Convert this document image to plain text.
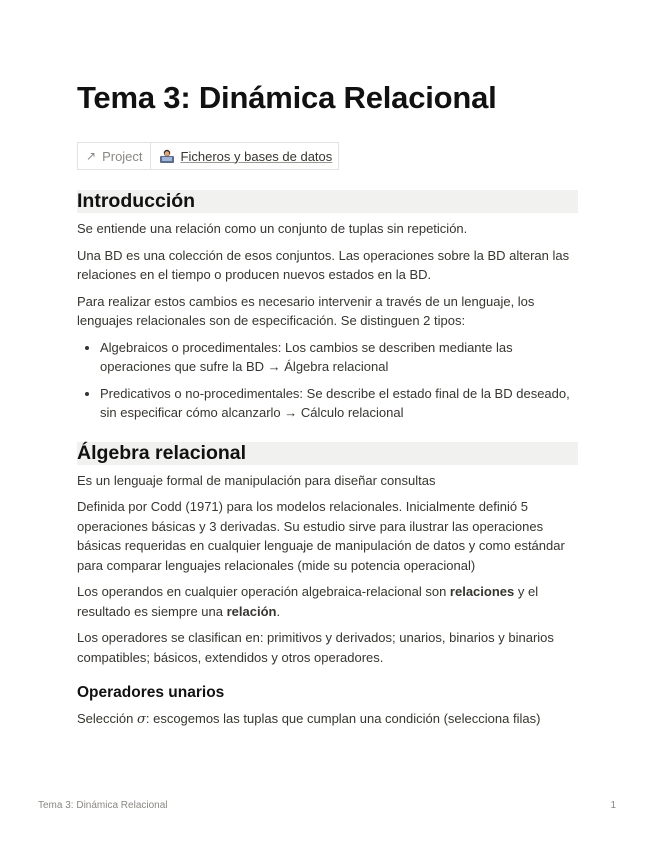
Tema 3: Dinámica Relacional
↗ Project	Ficheros y bases de datos
Introducción

Se entiende una relación como un conjunto de tuplas sin repetición.

Una BD es una colección de esos conjuntos. Las operaciones sobre la BD alteran las relaciones en el tiempo o producen nuevos estados en la BD.

Para realizar estos cambios es necesario intervenir a través de un lenguaje, los lenguajes relacionales son de especificación. Se distinguen 2 tipos:

• Algebraicos o procedimentales: Los cambios se describen mediante las operaciones que sufre la BD → Álgebra relacional
• Predicativos o no-procedimentales: Se describe el estado final de la BD deseado, sin especificar cómo alcanzarlo → Cálculo relacional
Álgebra relacional

Es un lenguaje formal de manipulación para diseñar consultas

Definida por Codd (1971) para los modelos relacionales. Inicialmente definió 5 operaciones básicas y 3 derivadas. Su estudio sirve para ilustrar las operaciones básicas requeridas en cualquier lenguaje de manipulación de datos y como estándar para comparar lenguajes relacionales (mide su potencia operacional)

Los operandos en cualquier operación algebraica-relacional son relaciones y el resultado es siempre una relación.

Los operadores se clasifican en: primitivos y derivados; unarios, binarios y binarios compatibles; básicos, extendidos y otros operadores.

Operadores unarios

Selección σ: escogemos las tuplas que cumplan una condición (selecciona filas)

Tema 3: Dinámica Relacional	1
